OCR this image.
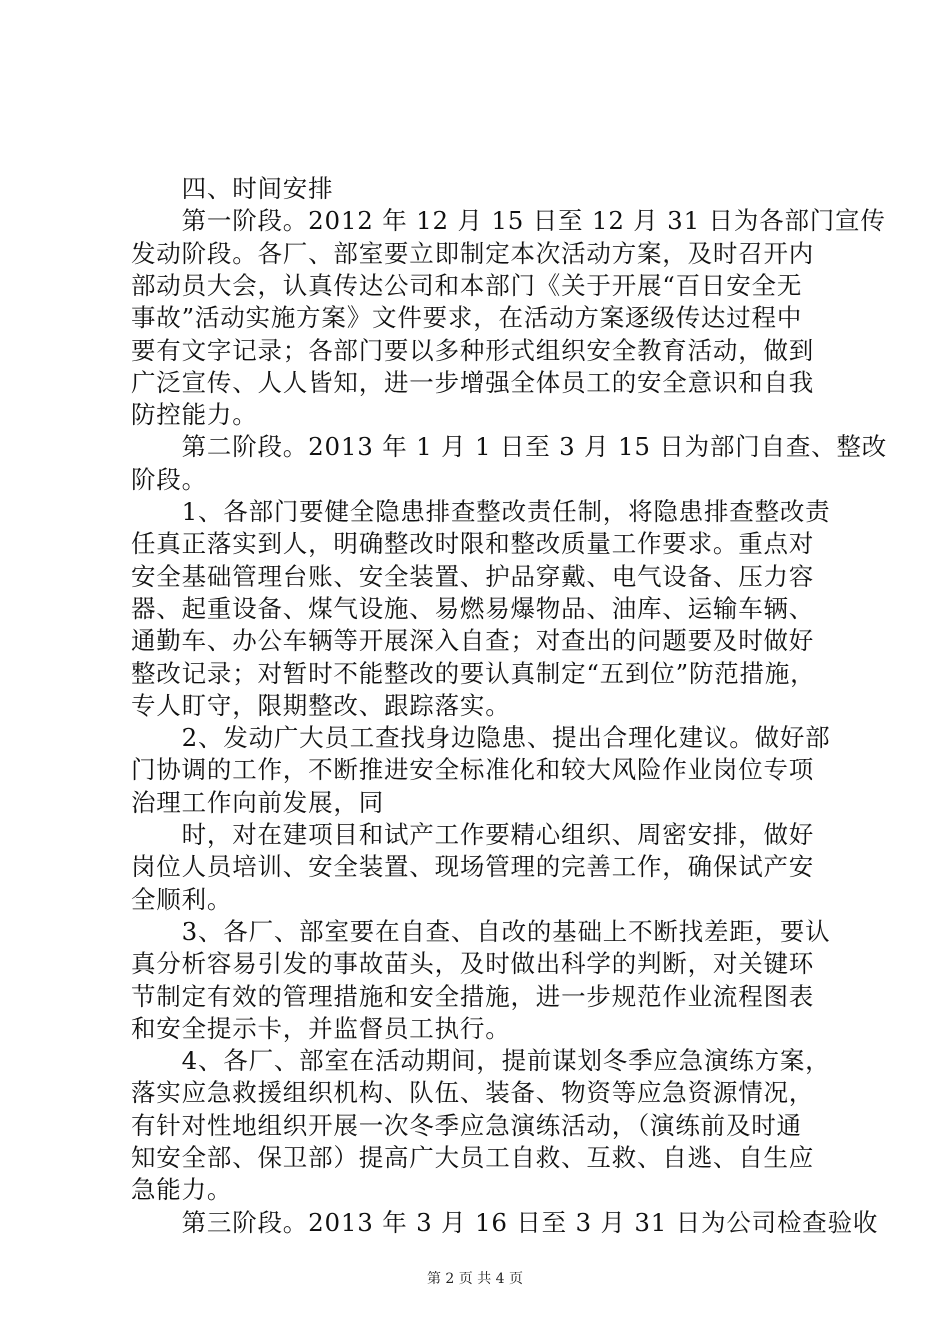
　　四、时间安排
　　第一阶段。2012 年 12 月 15 日至 12 月 31 日为各部门宣传
发动阶段。各厂、部室要立即制定本次活动方案，及时召开内
部动员大会，认真传达公司和本部门《关于开展“百日安全无
事故”活动实施方案》文件要求，在活动方案逐级传达过程中
要有文字记录；各部门要以多种形式组织安全教育活动，做到
广泛宣传、人人皆知，进一步增强全体员工的安全意识和自我
防控能力。
　　第二阶段。2013 年 1 月 1 日至 3 月 15 日为部门自查、整改
阶段。
　　1、各部门要健全隐患排查整改责任制，将隐患排查整改责
任真正落实到人，明确整改时限和整改质量工作要求。重点对
安全基础管理台账、安全装置、护品穿戴、电气设备、压力容
器、起重设备、煤气设施、易燃易爆物品、油库、运输车辆、
通勤车、办公车辆等开展深入自查；对查出的问题要及时做好
整改记录；对暂时不能整改的要认真制定“五到位”防范措施，
专人盯守，限期整改、跟踪落实。
　　2、发动广大员工查找身边隐患、提出合理化建议。做好部
门协调的工作，不断推进安全标准化和较大风险作业岗位专项
治理工作向前发展，同
　　时，对在建项目和试产工作要精心组织、周密安排，做好
岗位人员培训、安全装置、现场管理的完善工作，确保试产安
全顺利。
　　3、各厂、部室要在自查、自改的基础上不断找差距，要认
真分析容易引发的事故苗头，及时做出科学的判断，对关键环
节制定有效的管理措施和安全措施，进一步规范作业流程图表
和安全提示卡，并监督员工执行。
　　4、各厂、部室在活动期间，提前谋划冬季应急演练方案，
落实应急救援组织机构、队伍、装备、物资等应急资源情况，
有针对性地组织开展一次冬季应急演练活动，（演练前及时通
知安全部、保卫部）提高广大员工自救、互救、自逃、自生应
第 2 页 共 4 页
急能力。
　　第三阶段。2013 年 3 月 16 日至 3 月 31 日为公司检查验收
